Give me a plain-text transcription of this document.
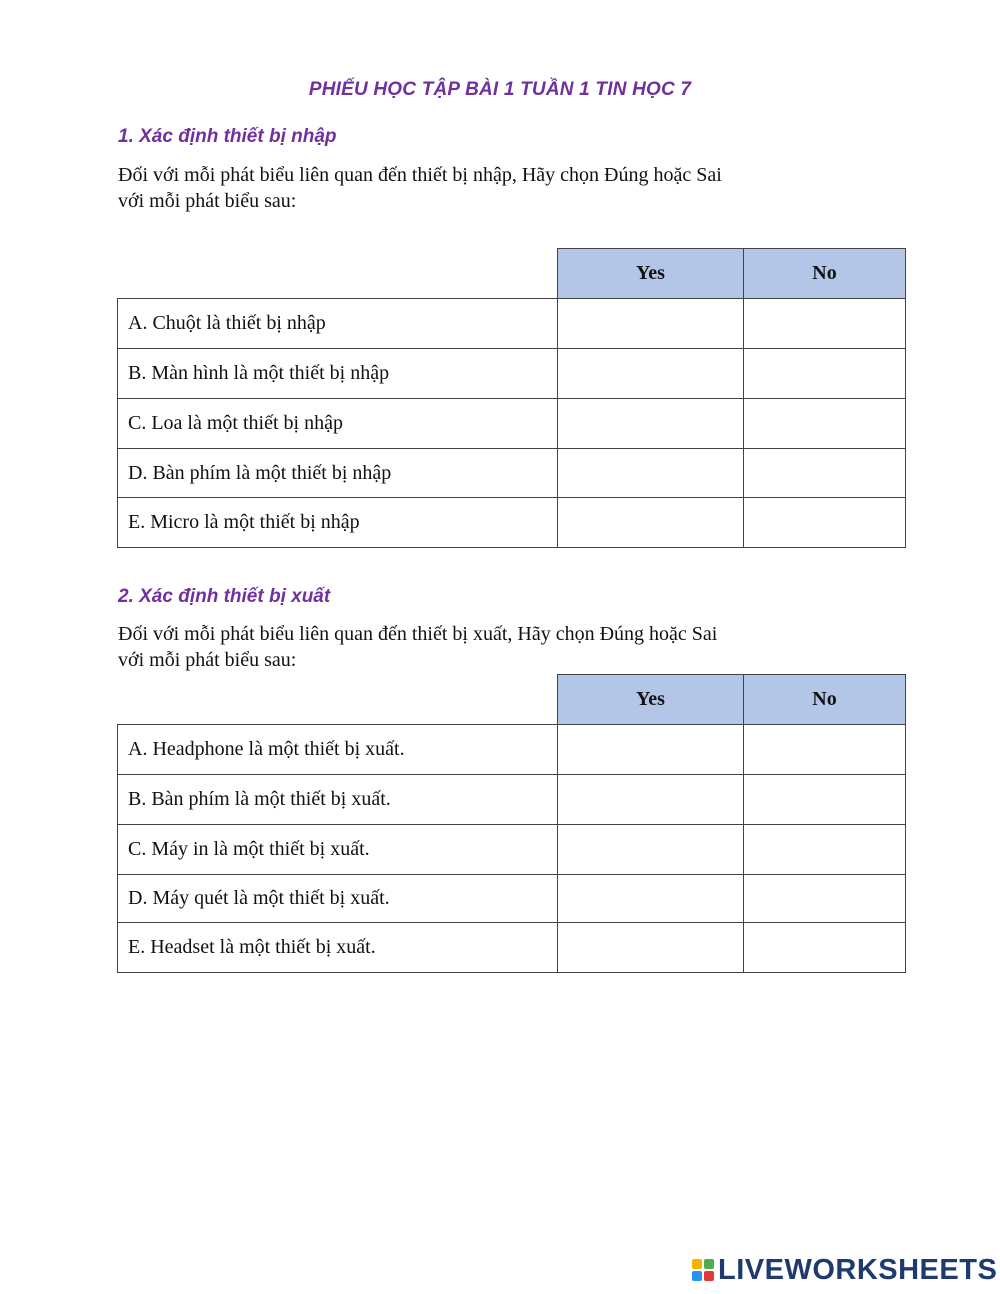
PHIẾU HỌC TẬP BÀI 1 TUẦN 1 TIN HỌC 7
1. Xác định thiết bị nhập
Đối với mỗi phát biểu liên quan đến thiết bị nhập, Hãy chọn Đúng hoặc Sai
với mỗi phát biểu sau:
	Yes	No
A. Chuột là thiết bị nhập		
B. Màn hình là một thiết bị nhập		
C. Loa là một thiết bị nhập		
D. Bàn phím là một thiết bị nhập		
E. Micro là một thiết bị nhập		
2. Xác định thiết bị xuất
Đối với mỗi phát biểu liên quan đến thiết bị xuất, Hãy chọn Đúng hoặc Sai
với mỗi phát biểu sau:
	Yes	No
A. Headphone là một thiết bị xuất.		
B. Bàn phím là một thiết bị xuất.		
C. Máy in là một thiết bị xuất.		
D. Máy quét là một thiết bị xuất.		
E. Headset là một thiết bị xuất.		
LIVEWORKSHEETS
